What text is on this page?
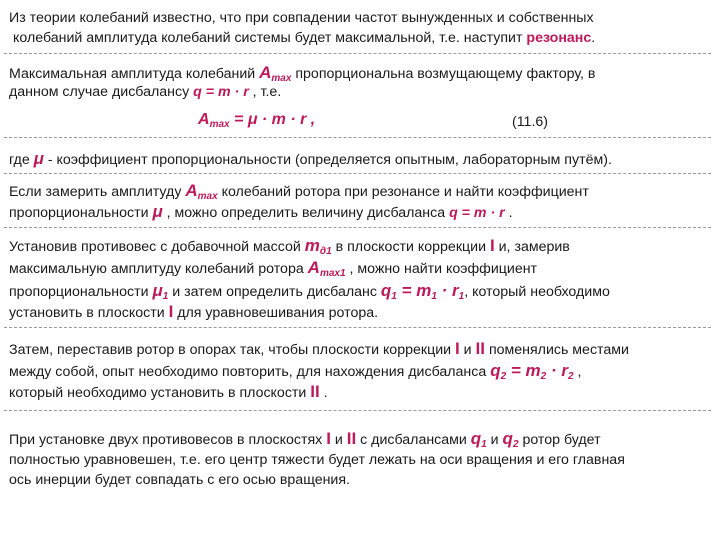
Из теории колебаний известно, что при совпадении частот вынужденных и собственных
колебаний амплитуда колебаний системы будет максимальной, т.е. наступит резонанс.
Максимальная амплитуда колебаний $A_{max}$ пропорциональна возмущающему фактору, в
данном случае дисбалансу q = m · r , т.е.
$A_{max} = \mu \cdot m \cdot r$ ,	(11.6)
где μ - коэффициент пропорциональности (определяется опытным, лабораторным путём).
Если замерить амплитуду $A_{max}$ колебаний ротора при резонансе и найти коэффициент
пропорциональности μ , можно определить величину дисбаланса q = m · r .
Установив противовес с добавочной массой $m_{д1}$ в плоскости коррекции I и, замерив
максимальную амплитуду колебаний ротора $A_{max1}$ , можно найти коэффициент
пропорциональности $\mu_1$ и затем определить дисбаланс $q_1 = m_1 \cdot r_1$, который необходимо
установить в плоскости I для уравновешивания ротора.
Затем, переставив ротор в опорах так, чтобы плоскости коррекции I и II поменялись местами
между собой, опыт необходимо повторить, для нахождения дисбаланса $q_2 = m_2 \cdot r_2$ ,
который необходимо установить в плоскости II .
При установке двух противовесов в плоскостях I и II с дисбалансами $q_1$ и $q_2$ ротор будет
полностью уравновешен, т.е. его центр тяжести будет лежать на оси вращения и его главная
ось инерции будет совпадать с его осью вращения.
